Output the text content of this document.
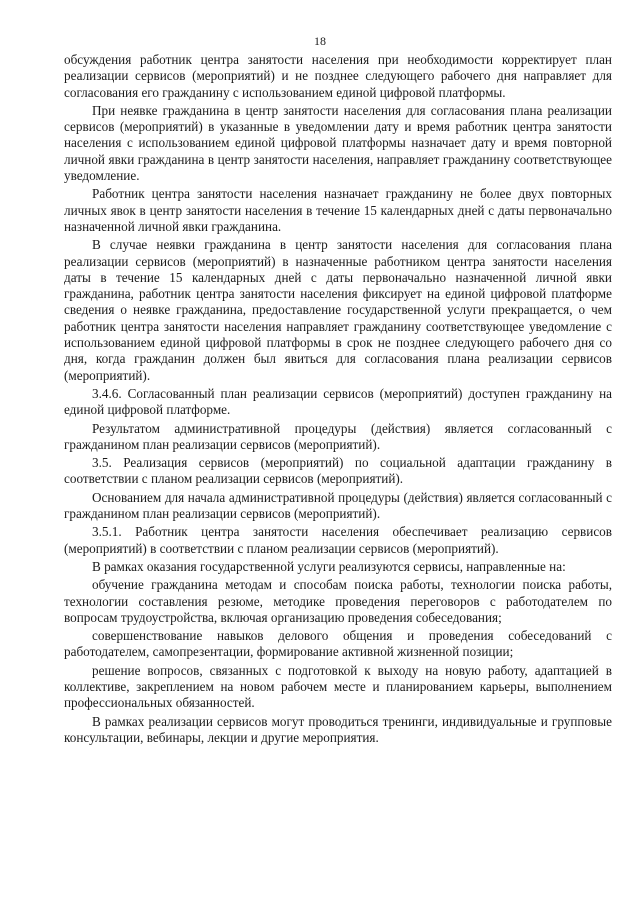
18

обсуждения работник центра занятости населения при необходимости корректирует план реализации сервисов (мероприятий) и не позднее следующего рабочего дня направляет для согласования его гражданину с использованием единой цифровой платформы.

При неявке гражданина в центр занятости населения для согласования плана реализации сервисов (мероприятий) в указанные в уведомлении дату и время работник центра занятости населения с использованием единой цифровой платформы назначает дату и время повторной личной явки гражданина в центр занятости населения, направляет гражданину соответствующее уведомление.

Работник центра занятости населения назначает гражданину не более двух повторных личных явок в центр занятости населения в течение 15 календарных дней с даты первоначально назначенной личной явки гражданина.

В случае неявки гражданина в центр занятости населения для согласования плана реализации сервисов (мероприятий) в назначенные работником центра занятости населения даты в течение 15 календарных дней с даты первоначально назначенной личной явки гражданина, работник центра занятости населения фиксирует на единой цифровой платформе сведения о неявке гражданина, предоставление государственной услуги прекращается, о чем работник центра занятости населения направляет гражданину соответствующее уведомление с использованием единой цифровой платформы в срок не позднее следующего рабочего дня со дня, когда гражданин должен был явиться для согласования плана реализации сервисов (мероприятий).

3.4.6. Согласованный план реализации сервисов (мероприятий) доступен гражданину на единой цифровой платформе.

Результатом административной процедуры (действия) является согласованный с гражданином план реализации сервисов (мероприятий).

3.5. Реализация сервисов (мероприятий) по социальной адаптации гражданину в соответствии с планом реализации сервисов (мероприятий).

Основанием для начала административной процедуры (действия) является согласованный с гражданином план реализации сервисов (мероприятий).

3.5.1. Работник центра занятости населения обеспечивает реализацию сервисов (мероприятий) в соответствии с планом реализации сервисов (мероприятий).

В рамках оказания государственной услуги реализуются сервисы, направленные на:

обучение гражданина методам и способам поиска работы, технологии поиска работы, технологии составления резюме, методике проведения переговоров с работодателем по вопросам трудоустройства, включая организацию проведения собеседования;

совершенствование навыков делового общения и проведения собеседований с работодателем, самопрезентации, формирование активной жизненной позиции;

решение вопросов, связанных с подготовкой к выходу на новую работу, адаптацией в коллективе, закреплением на новом рабочем месте и планированием карьеры, выполнением профессиональных обязанностей.

В рамках реализации сервисов могут проводиться тренинги, индивидуальные и групповые консультации, вебинары, лекции и другие мероприятия.
